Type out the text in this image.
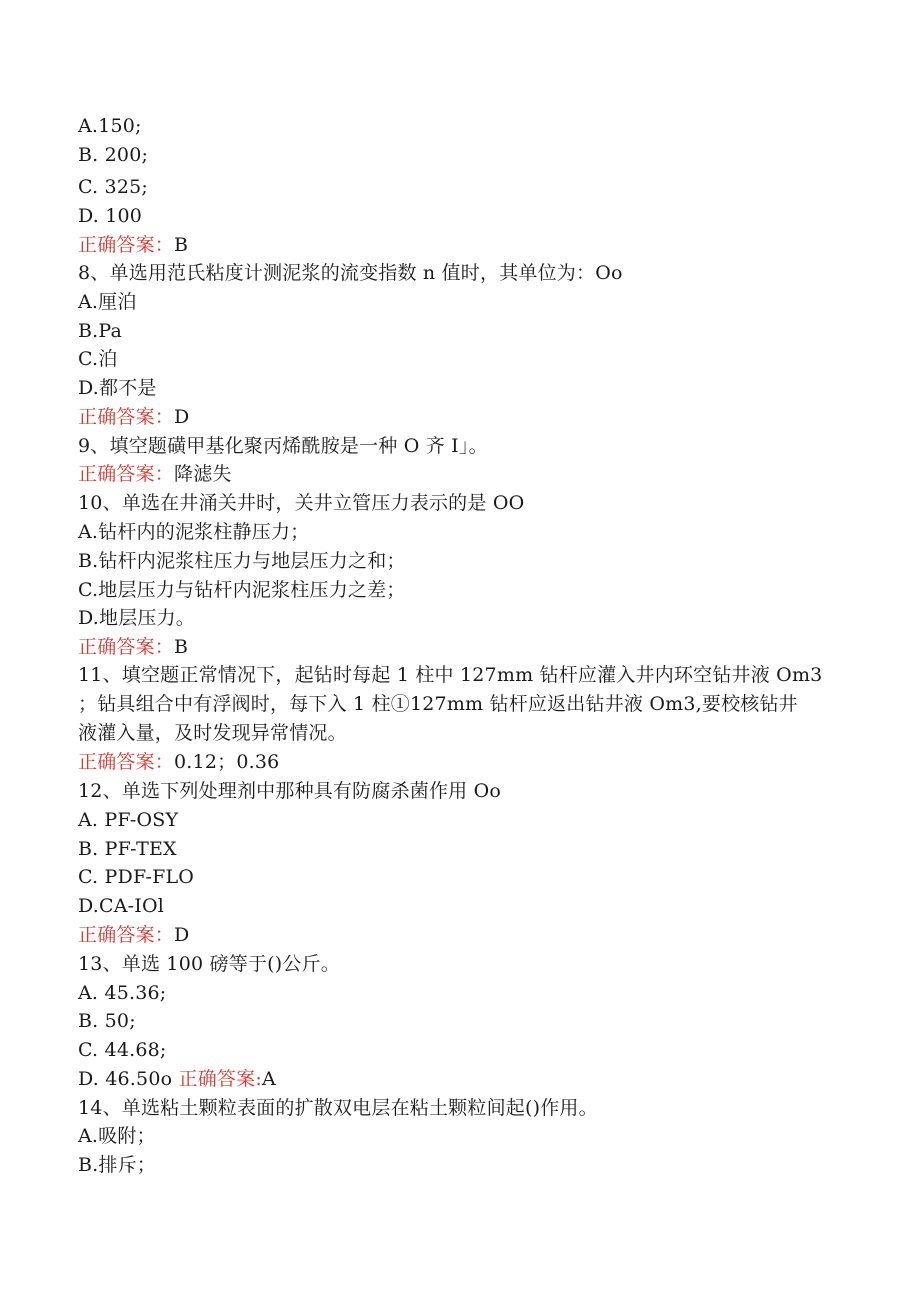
A.150;
B. 200;
C. 325;
D. 100
正确答案：B
8、单选用范氏粘度计测泥浆的流变指数 n 值时，其单位为：Oo
A.厘泊
B.Pa
C.泊
D.都不是
正确答案：D
9、填空题磺甲基化聚丙烯酰胺是一种 O 齐 I」。
正确答案：降滤失
10、单选在井涌关井时，关井立管压力表示的是 OO
A.钻杆内的泥浆柱静压力；
B.钻杆内泥浆柱压力与地层压力之和；
C.地层压力与钻杆内泥浆柱压力之差；
D.地层压力。
正确答案：B
11、填空题正常情况下，起钻时每起 1 柱中 127mm 钻杆应灌入井内环空钻井液 Om3
；钻具组合中有浮阀时，每下入 1 柱①127mm 钻杆应返出钻井液 Om3,要校核钻井
液灌入量，及时发现异常情况。
正确答案：0.12；0.36
12、单选下列处理剂中那种具有防腐杀菌作用 Oo
A. PF-OSY
B. PF-TEX
C. PDF-FLO
D.CA-IOl
正确答案：D
13、单选 100 磅等于()公斤。
A. 45.36;
B. 50;
C. 44.68;
D. 46.50o 正确答案:A
14、单选粘土颗粒表面的扩散双电层在粘土颗粒间起()作用。
A.吸附；
B.排斥；
